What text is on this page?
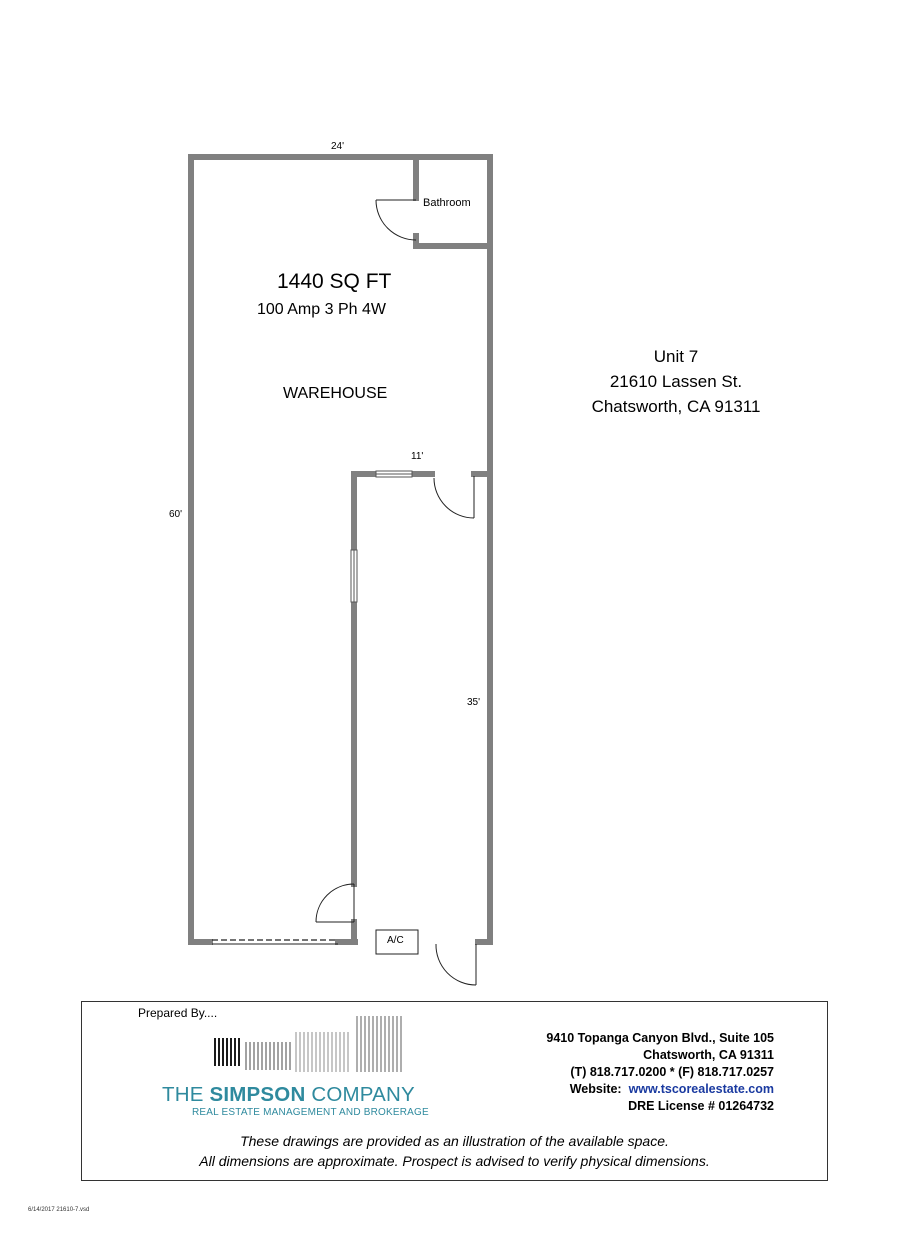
24'
60'
11'
35'
Bathroom
1440 SQ FT
100 Amp 3 Ph 4W
WAREHOUSE
A/C
Unit 7
21610 Lassen St.
Chatsworth, CA 91311
Prepared By....
THE SIMPSON COMPANY
REAL ESTATE MANAGEMENT AND BROKERAGE
9410 Topanga Canyon Blvd., Suite 105
Chatsworth, CA 91311
(T) 818.717.0200 * (F) 818.717.0257
Website: www.tscorealestate.com
DRE License # 01264732
These drawings are provided as an illustration of the available space.
All dimensions are approximate. Prospect is advised to verify physical dimensions.
6/14/2017 21610-7.vsd
